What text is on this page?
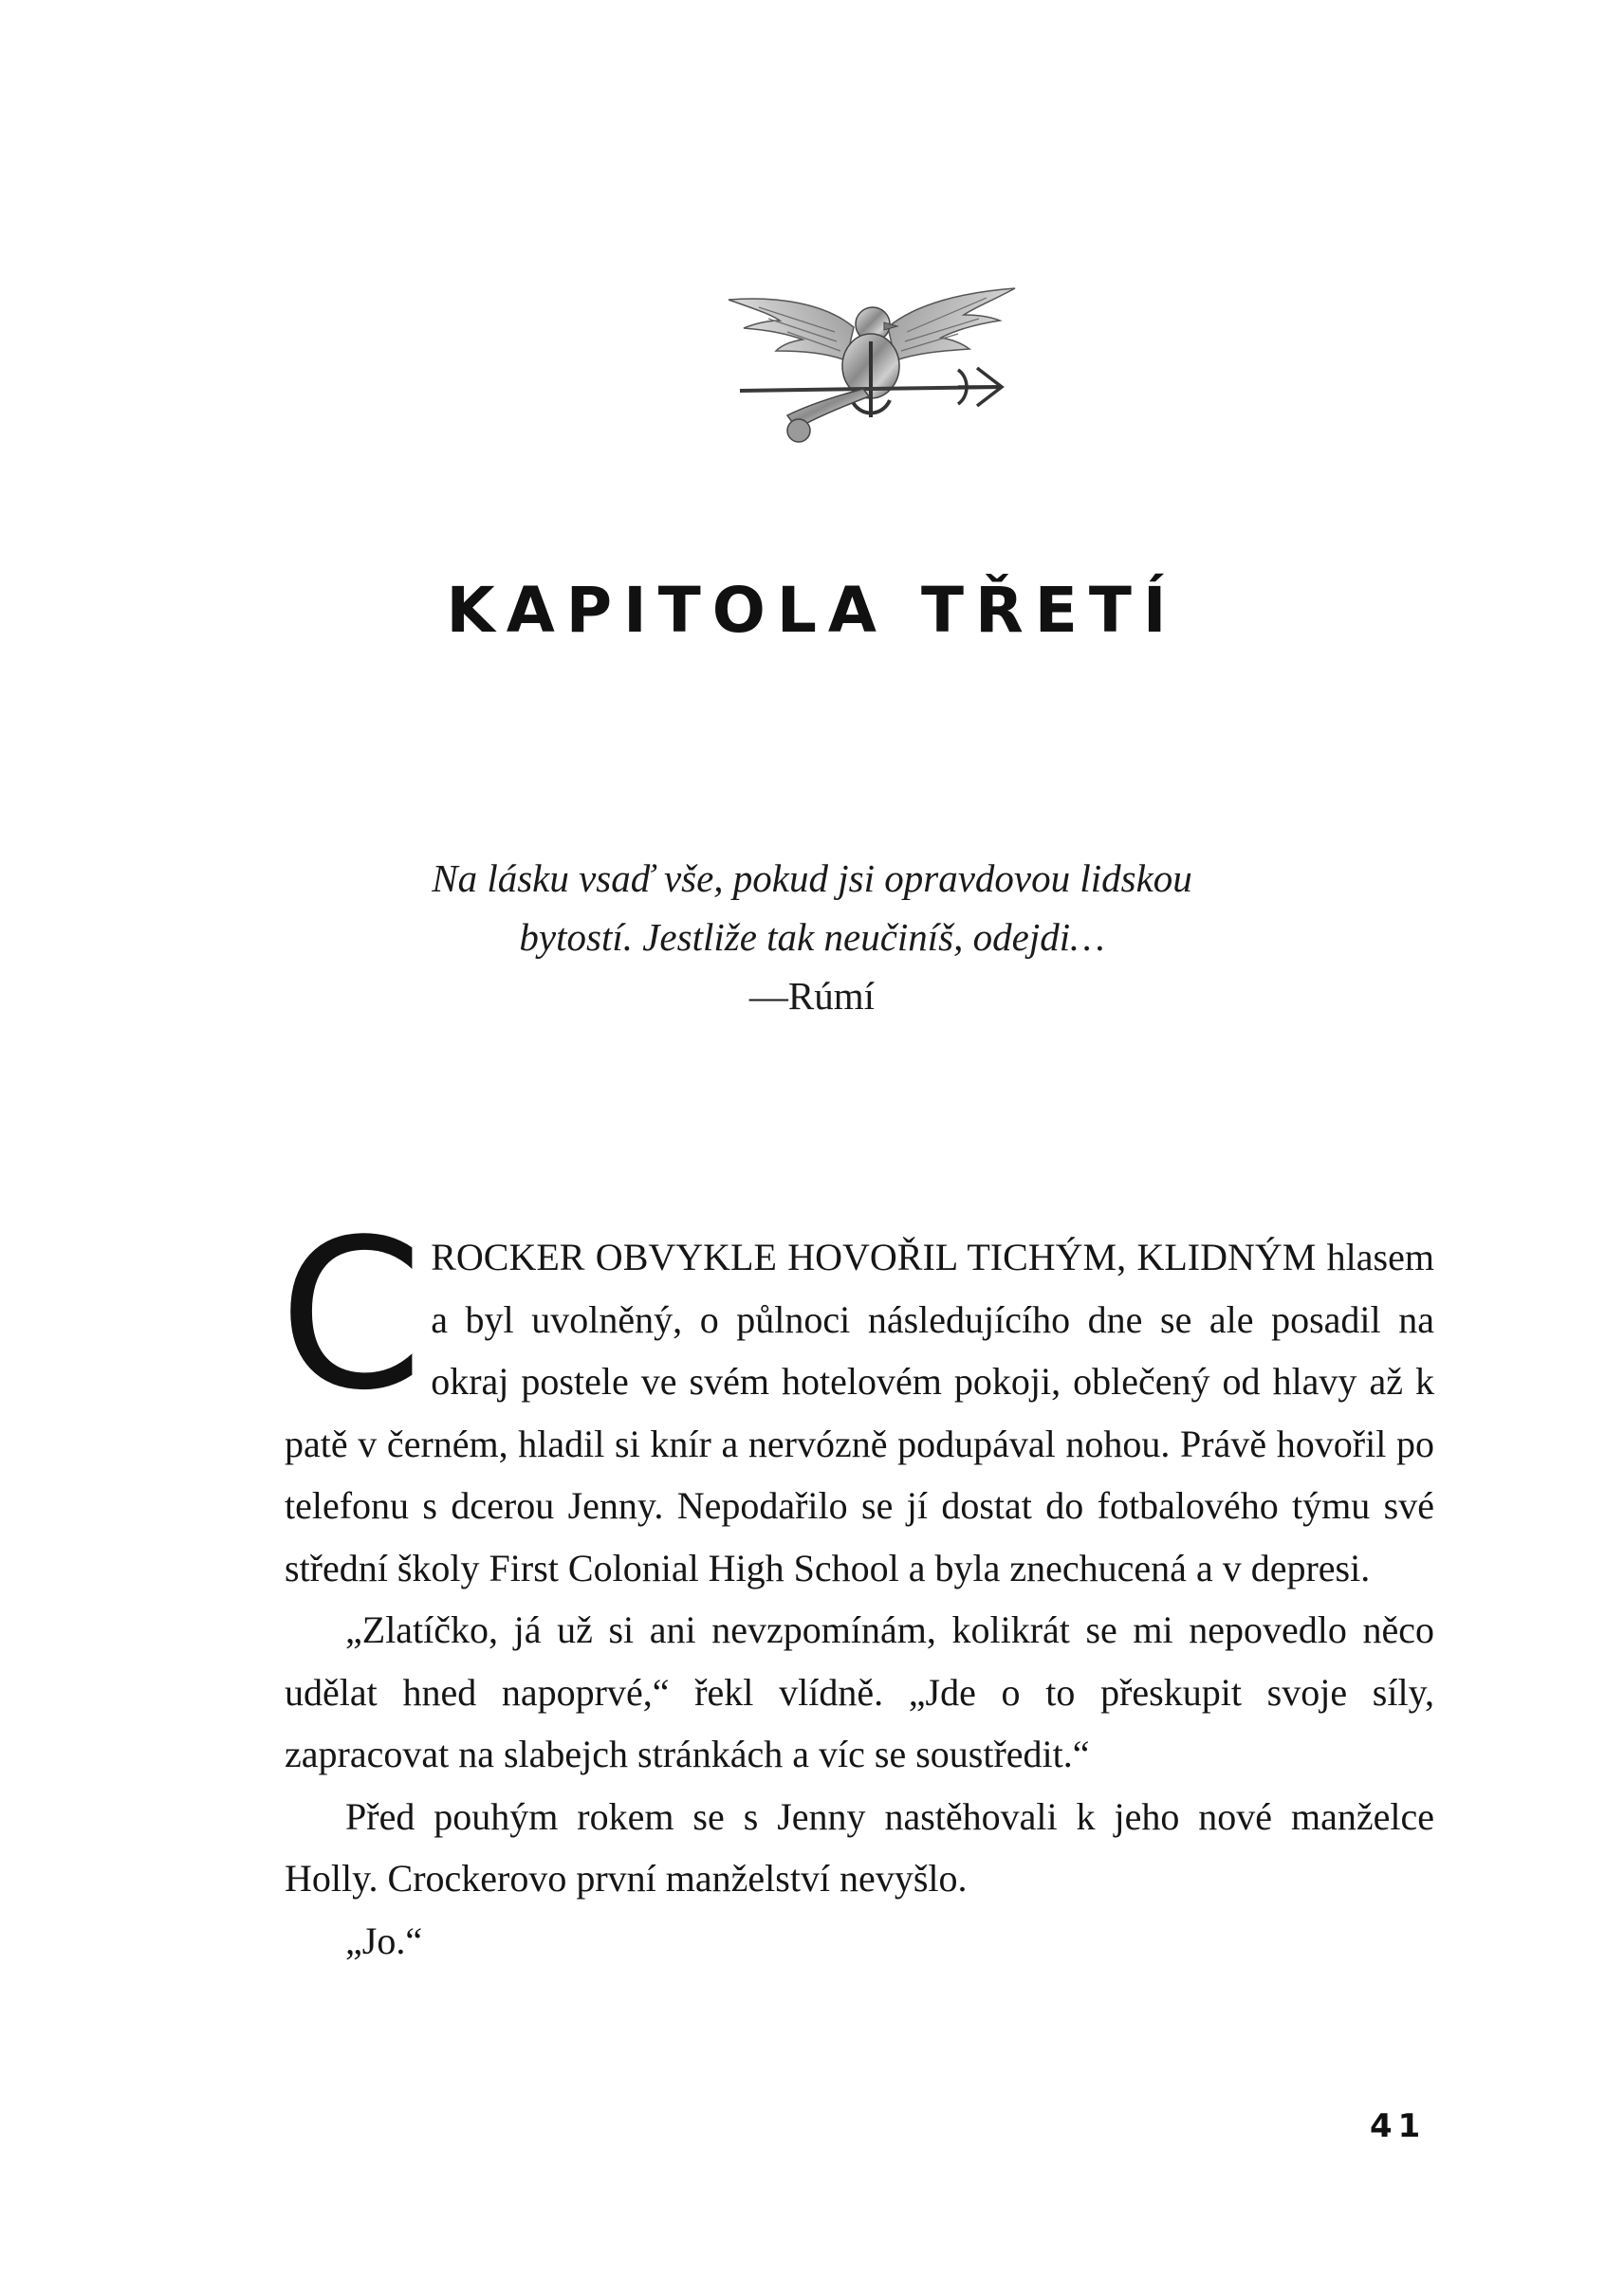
KAPITOLA TŘETÍ
Na lásku vsaď vše, pokud jsi opravdovou lidskou
bytostí. Jestliže tak neučiníš, odejdi…
—Rúmí

CROCKER OBVYKLE HOVOŘIL TICHÝM, KLIDNÝM hlasem a byl uvolněný, o půlnoci následujícího dne se ale posadil na okraj postele ve svém hotelovém pokoji, oblečený od hlavy až k patě v černém, hladil si knír a nervózně podupával nohou. Právě hovořil po telefonu s dcerou Jenny. Nepodařilo se jí dostat do fotbalového týmu své střední školy First Colonial High School a byla znechucená a v depresi.

„Zlatíčko, já už si ani nevzpomínám, kolikrát se mi nepovedlo něco udělat hned napoprvé,“ řekl vlídně. „Jde o to přeskupit svoje síly, zapracovat na slabejch stránkách a víc se soustředit.“

Před pouhým rokem se s Jenny nastěhovali k jeho nové manželce Holly. Crockerovo první manželství nevyšlo.

„Jo.“

41
